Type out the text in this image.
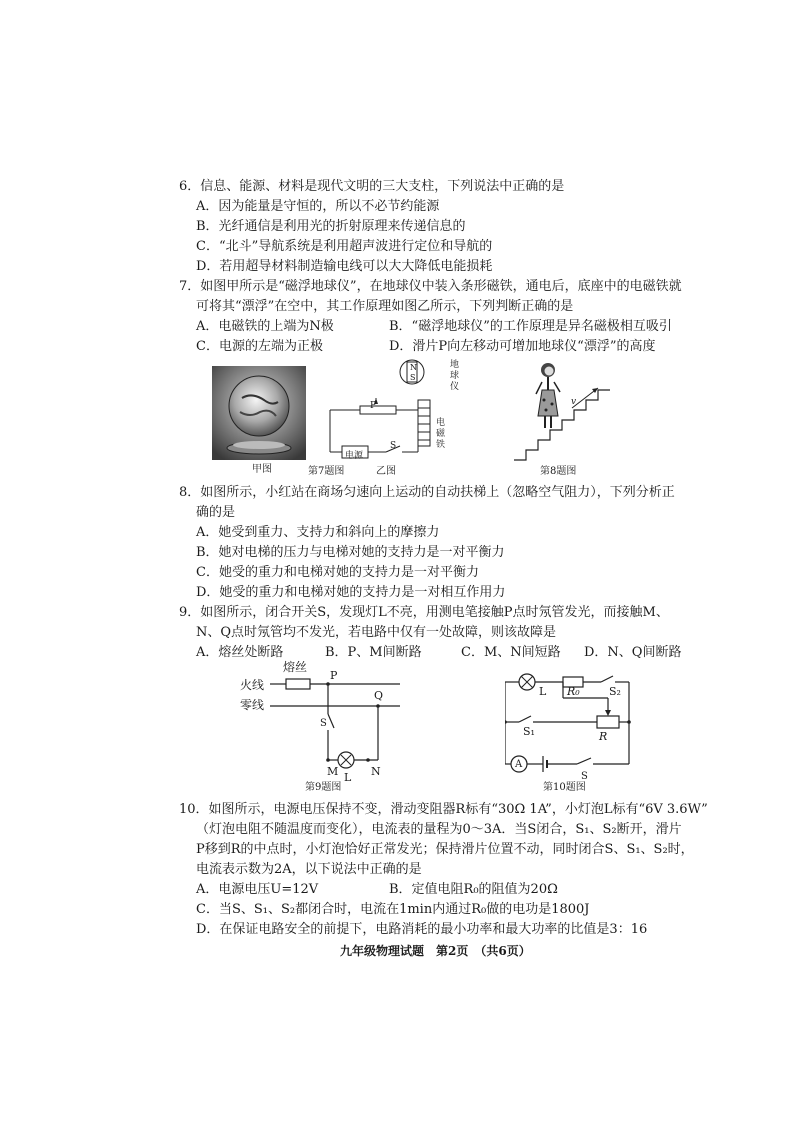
6．信息、能源、材料是现代文明的三大支柱，下列说法中正确的是
A．因为能量是守恒的，所以不必节约能源
B．光纤通信是利用光的折射原理来传递信息的
C．“北斗”导航系统是利用超声波进行定位和导航的
D．若用超导材料制造输电线可以大大降低电能损耗
7．如图甲所示是“磁浮地球仪”，在地球仪中装入条形磁铁，通电后，底座中的电磁铁就
可将其“漂浮”在空中，其工作原理如图乙所示，下列判断正确的是
A．电磁铁的上端为N极	B．“磁浮地球仪”的工作原理是异名磁极相互吸引
C．电源的左端为正极	D．滑片P向左移动可增加地球仪“漂浮”的高度
甲图
N
S
地球仪
电磁铁
P
S
电源
第7题图	乙图
v
第8题图
8．如图所示，小红站在商场匀速向上运动的自动扶梯上（忽略空气阻力），下列分析正
确的是
A．她受到重力、支持力和斜向上的摩擦力
B．她对电梯的压力与电梯对她的支持力是一对平衡力
C．她受的重力和电梯对她的支持力是一对平衡力
D．她受的重力和电梯对她的支持力是一对相互作用力
9．如图所示，闭合开关S，发现灯L不亮，用测电笔接触P点时氖管发光，而接触M、
N、Q点时氖管均不发光，若电路中仅有一处故障，则该故障是
A．熔丝处断路	B．P、M间断路	C．M、N间短路 D．N、Q间断路
熔丝
火线
零线
P
Q
S
M L N
第9题图
L R₀	S₂
S₁	R
A
S
第10题图
10．如图所示，电源电压保持不变，滑动变阻器R标有“30Ω 1A”，小灯泡L标有“6V 3.6W”
（灯泡电阻不随温度而变化），电流表的量程为0～3A．当S闭合，S₁、S₂断开，滑片
P移到R的中点时，小灯泡恰好正常发光；保持滑片位置不动，同时闭合S、S₁、S₂时，
电流表示数为2A，以下说法中正确的是
A．电源电压U=12V	B．定值电阻R₀的阻值为20Ω
C．当S、S₁、S₂都闭合时，电流在1min内通过R₀做的电功是1800J
D．在保证电路安全的前提下，电路消耗的最小功率和最大功率的比值是3：16
九年级物理试题　第2页　（共6页）
